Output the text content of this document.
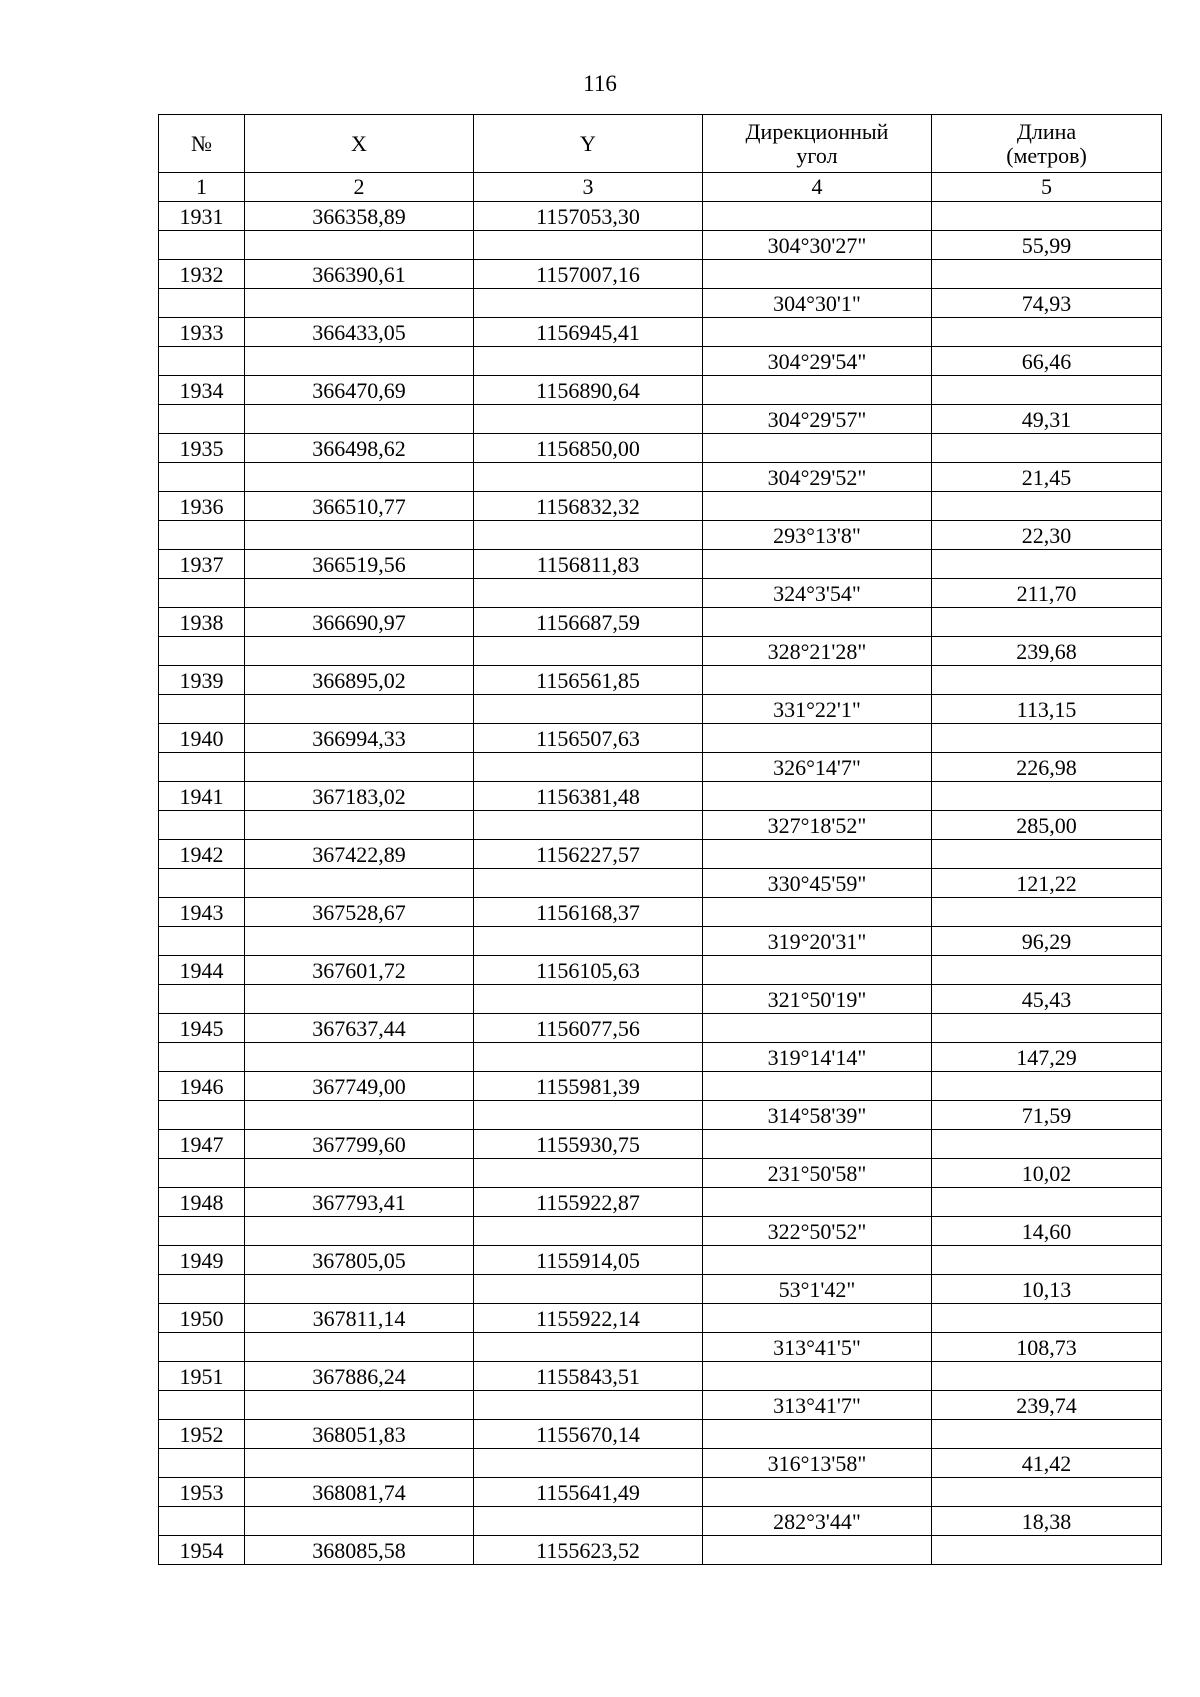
116
№	X	Y	Дирекционный угол	Длина (метров)
1	2	3	4	5
1931	366358,89	1157053,30		
			304°30'27"	55,99
1932	366390,61	1157007,16		
			304°30'1"	74,93
1933	366433,05	1156945,41		
			304°29'54"	66,46
1934	366470,69	1156890,64		
			304°29'57"	49,31
1935	366498,62	1156850,00		
			304°29'52"	21,45
1936	366510,77	1156832,32		
			293°13'8"	22,30
1937	366519,56	1156811,83		
			324°3'54"	211,70
1938	366690,97	1156687,59		
			328°21'28"	239,68
1939	366895,02	1156561,85		
			331°22'1"	113,15
1940	366994,33	1156507,63		
			326°14'7"	226,98
1941	367183,02	1156381,48		
			327°18'52"	285,00
1942	367422,89	1156227,57		
			330°45'59"	121,22
1943	367528,67	1156168,37		
			319°20'31"	96,29
1944	367601,72	1156105,63		
			321°50'19"	45,43
1945	367637,44	1156077,56		
			319°14'14"	147,29
1946	367749,00	1155981,39		
			314°58'39"	71,59
1947	367799,60	1155930,75		
			231°50'58"	10,02
1948	367793,41	1155922,87		
			322°50'52"	14,60
1949	367805,05	1155914,05		
			53°1'42"	10,13
1950	367811,14	1155922,14		
			313°41'5"	108,73
1951	367886,24	1155843,51		
			313°41'7"	239,74
1952	368051,83	1155670,14		
			316°13'58"	41,42
1953	368081,74	1155641,49		
			282°3'44"	18,38
1954	368085,58	1155623,52		
